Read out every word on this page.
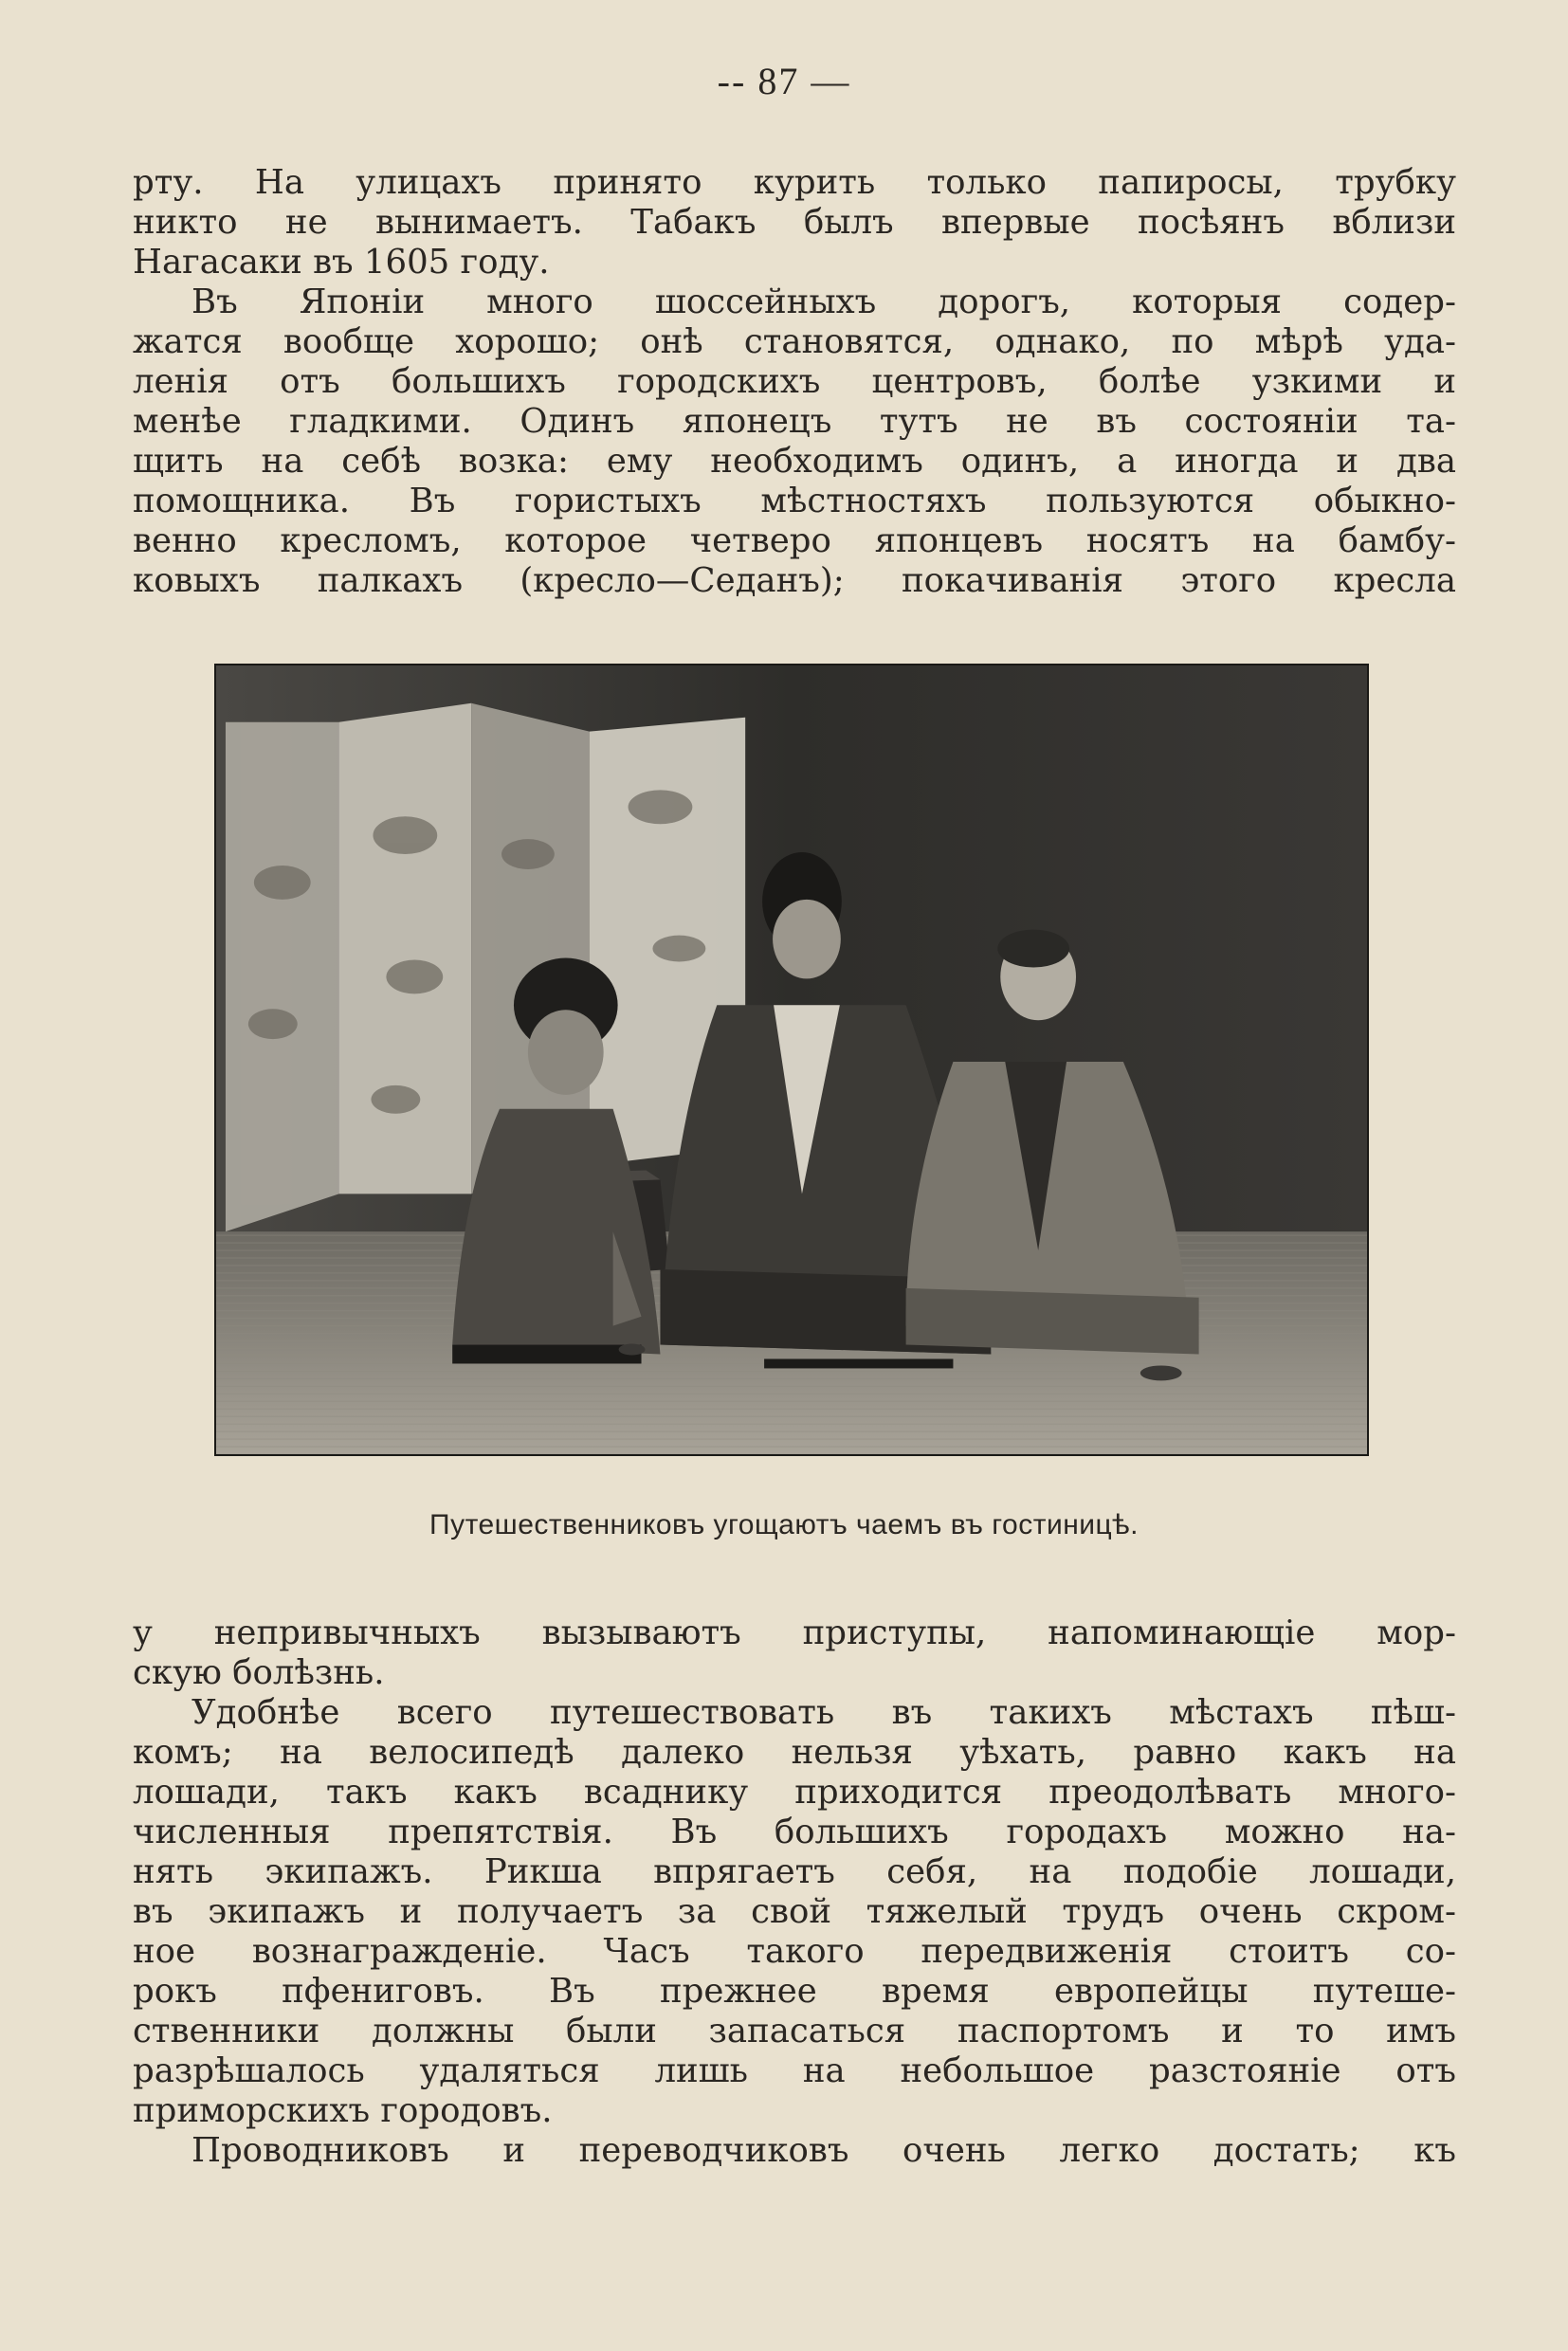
-- 87 —
рту. На улицахъ принято курить только папиросы, трубку
никто не вынимаетъ. Табакъ былъ впервые посѣянъ вблизи
Нагасаки въ 1605 году.
Въ Японіи много шоссейныхъ дорогъ, которыя содер-
жатся вообще хорошо; онѣ становятся, однако, по мѣрѣ уда-
ленія отъ большихъ городскихъ центровъ, болѣе узкими и
менѣе гладкими. Одинъ японецъ тутъ не въ состояніи та-
щить на себѣ возка: ему необходимъ одинъ, а иногда и два
помощника. Въ гористыхъ мѣстностяхъ пользуются обыкно-
венно кресломъ, которое четверо японцевъ носятъ на бамбу-
ковыхъ палкахъ (кресло—Седанъ); покачиванія этого кресла
Путешественниковъ угощаютъ чаемъ въ гостиницѣ.
у непривычныхъ вызываютъ приступы, напоминающіе мор-
скую болѣзнь.
Удобнѣе всего путешествовать въ такихъ мѣстахъ пѣш-
комъ; на велосипедѣ далеко нельзя уѣхать, равно какъ на
лошади, такъ какъ всаднику приходится преодолѣвать много-
численныя препятствія. Въ большихъ городахъ можно на-
нять экипажъ. Рикша впрягаетъ себя, на подобіе лошади,
въ экипажъ и получаетъ за свой тяжелый трудъ очень скром-
ное вознагражденіе. Часъ такого передвиженія стоитъ со-
рокъ пфениговъ. Въ прежнее время европейцы путеше-
ственники должны были запасаться паспортомъ и то имъ
разрѣшалось удаляться лишь на небольшое разстояніе отъ
приморскихъ городовъ.
Проводниковъ и переводчиковъ очень легко достать; къ
